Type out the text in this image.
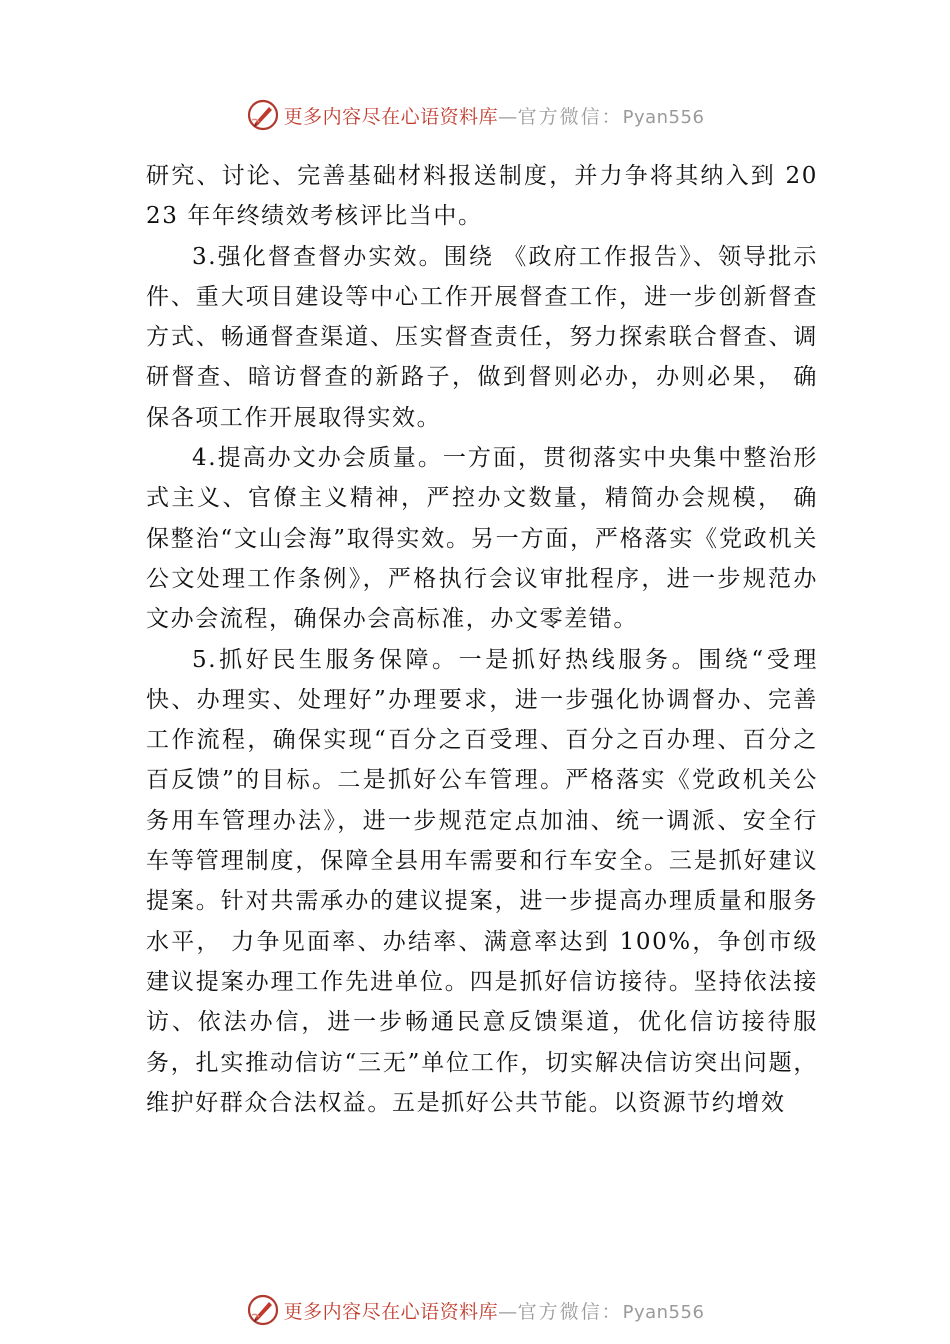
更多内容尽在心语资料库—官方微信：Pyan556

研究、讨论、完善基础材料报送制度，并力争将其纳入到 2023 年年终绩效考核评比当中。

3.强化督查督办实效。围绕 《政府工作报告》、领导批示件、重大项目建设等中心工作开展督查工作，进一步创新督查方式、畅通督查渠道、压实督查责任，努力探索联合督查、调研督查、暗访督查的新路子，做到督则必办，办则必果， 确保各项工作开展取得实效。

4.提高办文办会质量。一方面，贯彻落实中央集中整治形式主义、官僚主义精神，严控办文数量，精简办会规模， 确保整治“文山会海”取得实效。另一方面，严格落实《党政机关公文处理工作条例》，严格执行会议审批程序，进一步规范办文办会流程，确保办会高标准，办文零差错。

5.抓好民生服务保障。一是抓好热线服务。围绕“受理快、办理实、处理好”办理要求，进一步强化协调督办、完善工作流程，确保实现“百分之百受理、百分之百办理、百分之百反馈”的目标。二是抓好公车管理。严格落实《党政机关公务用车管理办法》，进一步规范定点加油、统一调派、安全行车等管理制度，保障全县用车需要和行车安全。三是抓好建议提案。针对共需承办的建议提案，进一步提高办理质量和服务水平， 力争见面率、办结率、满意率达到 100%，争创市级建议提案办理工作先进单位。四是抓好信访接待。坚持依法接访、依法办信，进一步畅通民意反馈渠道，优化信访接待服务，扎实推动信访“三无”单位工作，切实解决信访突出问题， 维护好群众合法权益。五是抓好公共节能。以资源节约增效

更多内容尽在心语资料库—官方微信：Pyan556
